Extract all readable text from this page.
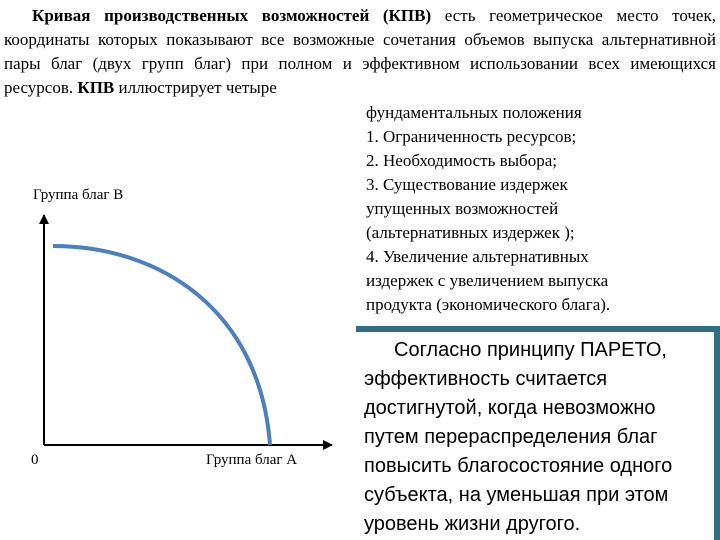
Кривая производственных возможностей (КПВ) есть геометрическое место точек, координаты которых показывают все возможные сочетания объемов выпуска альтернативной пары благ (двух групп благ) при полном и эффективном использовании всех имеющихся ресурсов. КПВ иллюстрирует четыре
фундаментальных положения
1. Ограниченность ресурсов;
2. Необходимость выбора;
3. Существование издержек
упущенных возможностей
(альтернативных издержек );
4. Увеличение альтернативных
издержек с увеличением выпуска
продукта (экономического блага).
Группа благ В
0	Группа благ А
Согласно принципу ПАРЕТО,
эффективность считается
достигнутой, когда невозможно
путем перераспределения благ
повысить благосостояние одного
субъекта, на уменьшая при этом
уровень жизни другого.
